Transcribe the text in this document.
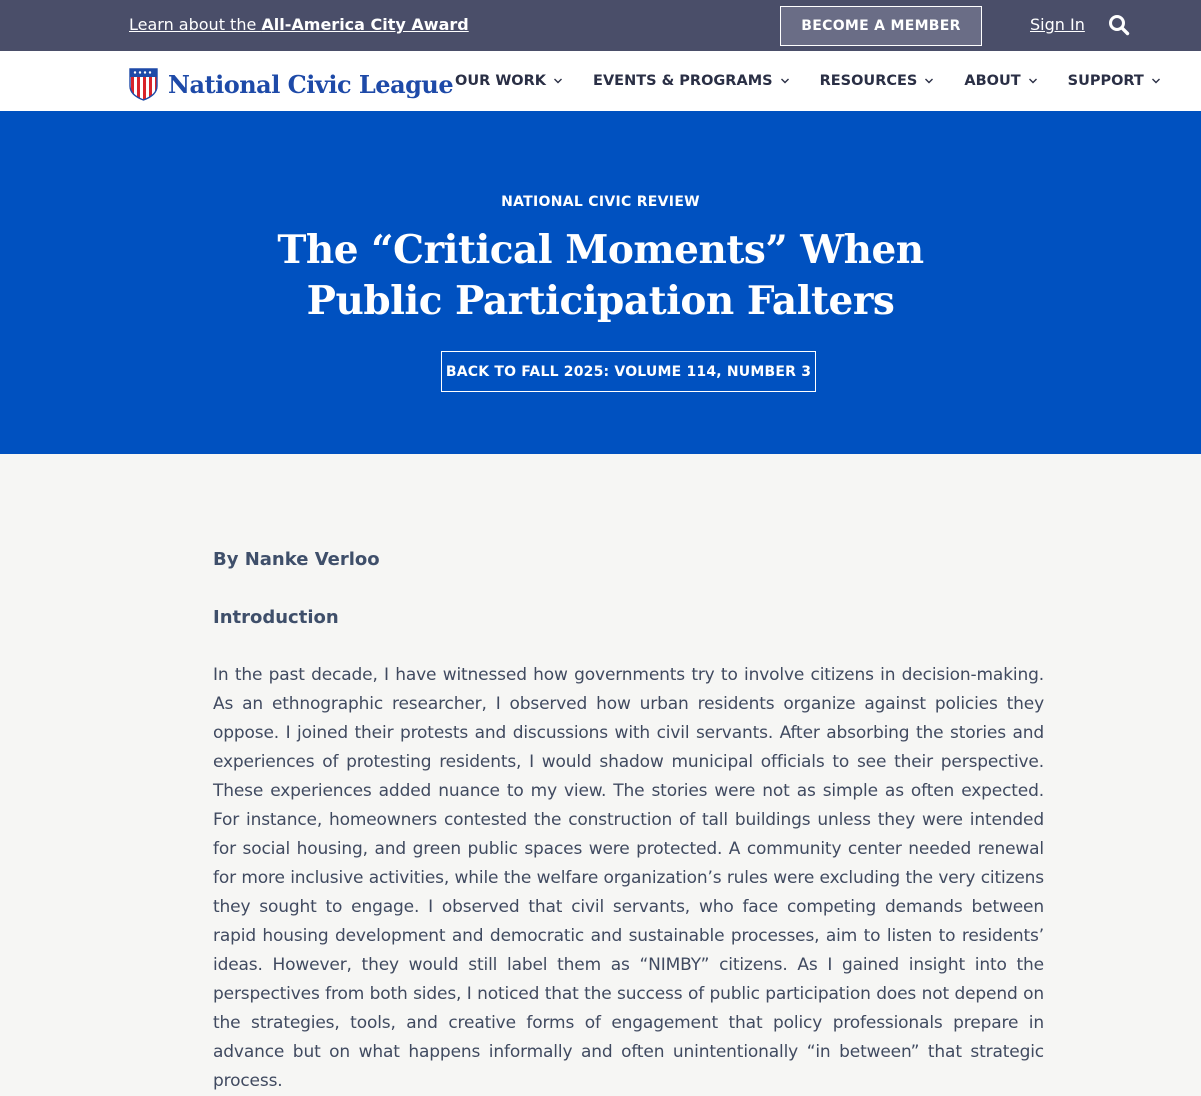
Learn about the All-America City Award	BECOME A MEMBER	Sign In
National Civic League OUR WORK	EVENTS & PROGRAMS	RESOURCES	ABOUT	SUPPORT
NATIONAL CIVIC REVIEW
The “Critical Moments” When Public Participation Falters
BACK TO FALL 2025: VOLUME 114, NUMBER 3
By Nanke Verloo
Introduction

In the past decade, I have witnessed how governments try to involve citizens in decision-making. As an ethnographic researcher, I observed how urban residents organize against policies they oppose. I joined their protests and discussions with civil servants. After absorbing the stories and experiences of protesting residents, I would shadow municipal officials to see their perspective. These experiences added nuance to my view. The stories were not as simple as often expected. For instance, homeowners contested the construction of tall buildings unless they were intended for social housing, and green public spaces were protected. A community center needed renewal for more inclusive activities, while the welfare organization’s rules were excluding the very citizens they sought to engage. I observed that civil servants, who face competing demands between rapid housing development and democratic and sustainable processes, aim to listen to residents’ ideas. However, they would still label them as “NIMBY” citizens. As I gained insight into the perspectives from both sides, I noticed that the success of public participation does not depend on the strategies, tools, and creative forms of engagement that policy professionals prepare in advance but on what happens informally and often unintentionally “in between” that strategic process.
